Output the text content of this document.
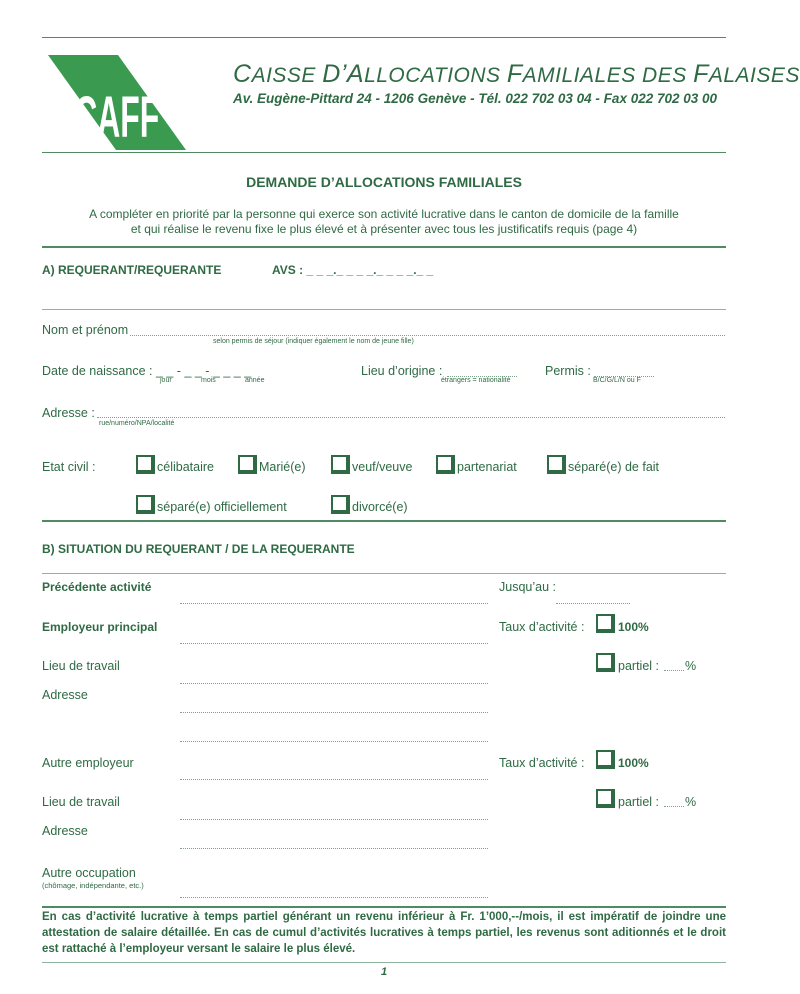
CAFF
CAISSE D’ALLOCATIONS FAMILIALES DES FALAISES
Av. Eugène-Pittard 24 - 1206 Genève - Tél. 022 702 03 04 - Fax 022 702 03 00
DEMANDE D’ALLOCATIONS FAMILIALES
A compléter en priorité par la personne qui exerce son activité lucrative dans le canton de domicile de la famille
et qui réalise le revenu fixe le plus élevé et à présenter avec tous les justificatifs requis (page 4)
A) REQUERANT/REQUERANTE	AVS : _ _ _._ _ _ _._ _ _ _._ _
Nom et prénom
selon permis de séjour (indiquer également le nom de jeune fille)
Date de naissance : _ _ - _ _ - _ _ _ _
jour	mois	année
Lieu d’origine :
étrangers = nationalité
Permis :
B/C/G/L/N ou F
Adresse :
rue/numéro/NPA/localité
Etat civil :	célibataire	Marié(e)	veuf/veuve	partenariat	séparé(e) de fait
séparé(e) officiellement	divorcé(e)
B) SITUATION DU REQUERANT / DE LA REQUERANTE
Précédente activité	Jusqu’au :
Employeur principal	Taux d’activité :	100%
Lieu de travail	partiel : %
Adresse
Autre employeur	Taux d’activité :	100%
Lieu de travail	partiel : %
Adresse
Autre occupation
(chômage, indépendante, etc.)
En cas d’activité lucrative à temps partiel générant un revenu inférieur à Fr. 1’000,--/mois, il est impératif de joindre une attestation de salaire détaillée. En cas de cumul d’activités lucratives à temps partiel, les revenus sont aditionnés et le droit est rattaché à l’employeur versant le salaire le plus élevé.
1
